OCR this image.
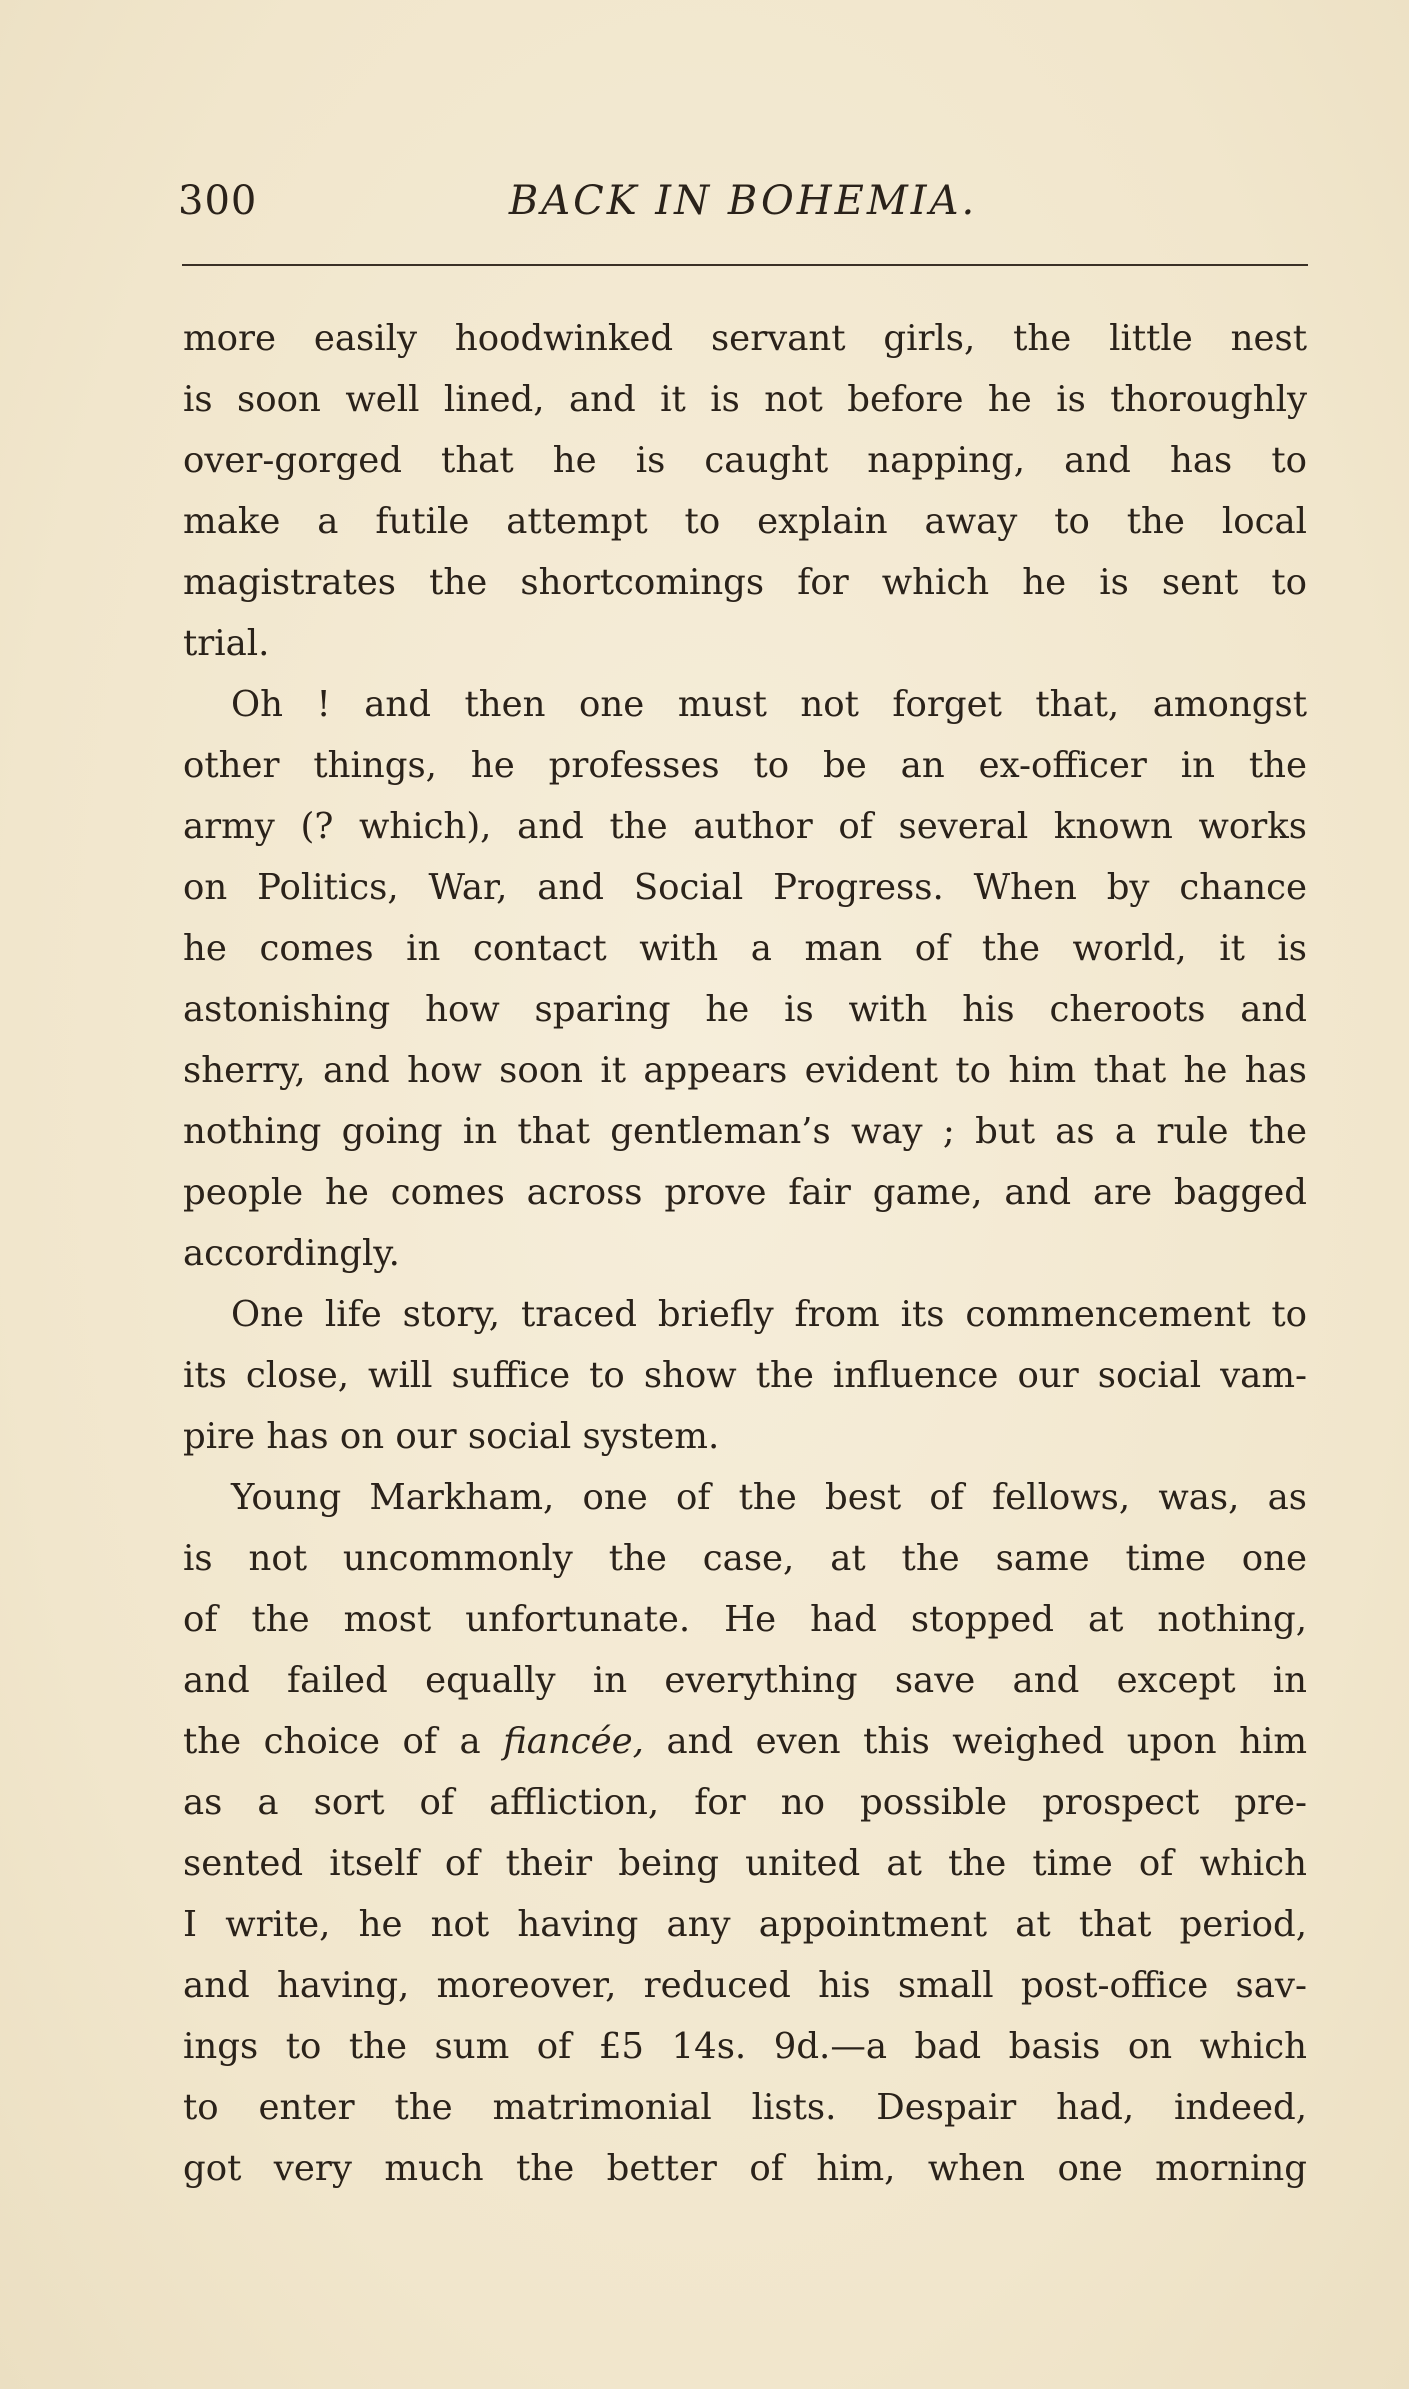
300	BACK IN BOHEMIA.
more easily hoodwinked servant girls, the little nest
is soon well lined, and it is not before he is thoroughly
over-gorged that he is caught napping, and has to
make a futile attempt to explain away to the local
magistrates the shortcomings for which he is sent to
trial.
Oh ! and then one must not forget that, amongst
other things, he professes to be an ex-officer in the
army (? which), and the author of several known works
on Politics, War, and Social Progress. When by chance
he comes in contact with a man of the world, it is
astonishing how sparing he is with his cheroots and
sherry, and how soon it appears evident to him that he has
nothing going in that gentleman’s way ; but as a rule the
people he comes across prove fair game, and are bagged
accordingly.
One life story, traced briefly from its commencement to
its close, will suffice to show the influence our social vam-
pire has on our social system.
Young Markham, one of the best of fellows, was, as
is not uncommonly the case, at the same time one
of the most unfortunate. He had stopped at nothing,
and failed equally in everything save and except in
the choice of a fiancée, and even this weighed upon him
as a sort of affliction, for no possible prospect pre-
sented itself of their being united at the time of which
I write, he not having any appointment at that period,
and having, moreover, reduced his small post-office sav-
ings to the sum of £5 14s. 9d.—a bad basis on which
to enter the matrimonial lists. Despair had, indeed,
got very much the better of him, when one morning
